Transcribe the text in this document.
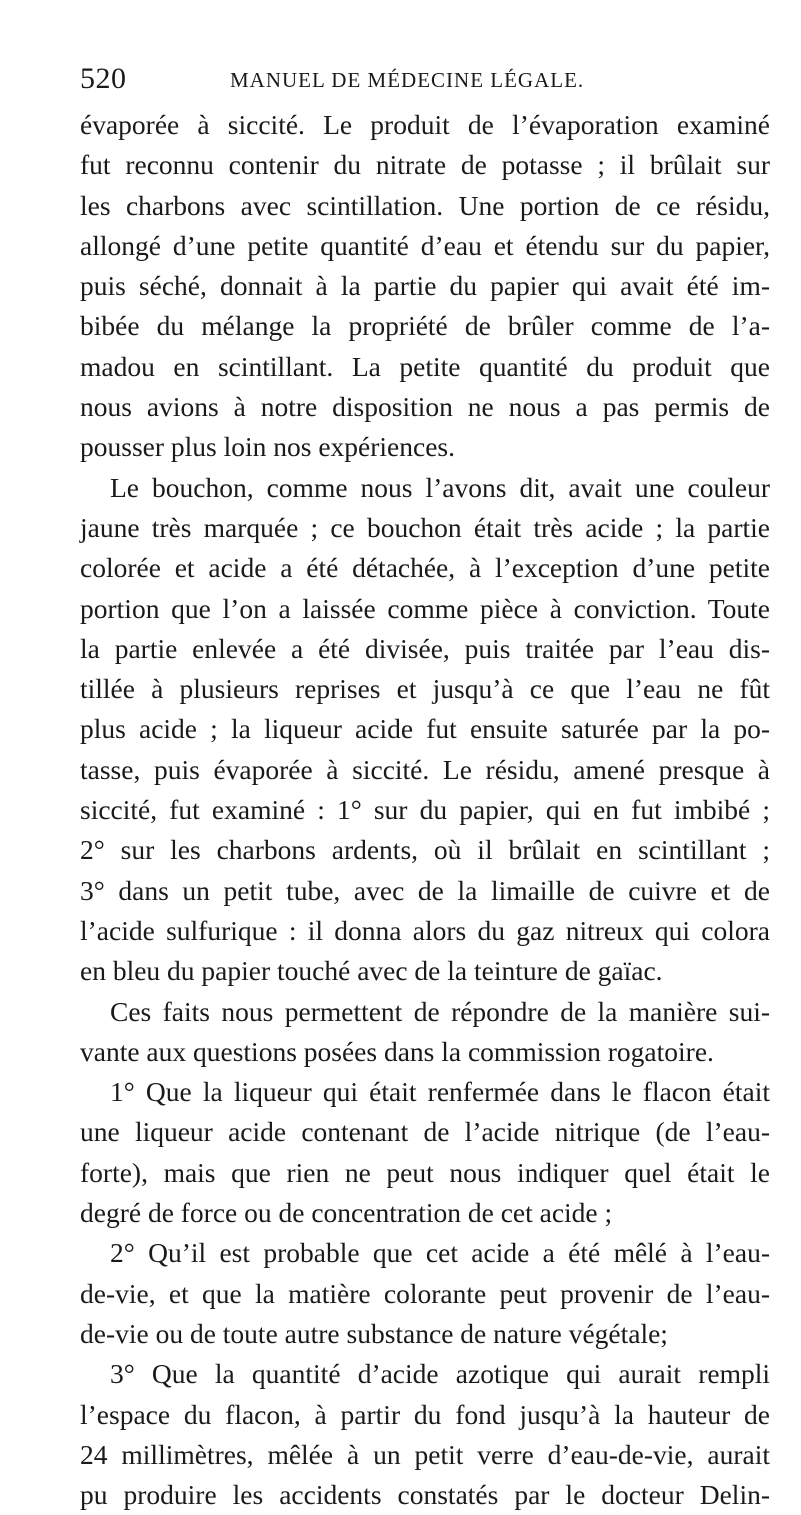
520	MANUEL DE MÉDECINE LÉGALE.
évaporée à siccité. Le produit de l’évaporation examiné
fut reconnu contenir du nitrate de potasse ; il brûlait sur
les charbons avec scintillation. Une portion de ce résidu,
allongé d’une petite quantité d’eau et étendu sur du papier,
puis séché, donnait à la partie du papier qui avait été im-
bibée du mélange la propriété de brûler comme de l’a-
madou en scintillant. La petite quantité du produit que
nous avions à notre disposition ne nous a pas permis de
pousser plus loin nos expériences.
Le bouchon, comme nous l’avons dit, avait une couleur
jaune très marquée ; ce bouchon était très acide ; la partie
colorée et acide a été détachée, à l’exception d’une petite
portion que l’on a laissée comme pièce à conviction. Toute
la partie enlevée a été divisée, puis traitée par l’eau dis-
tillée à plusieurs reprises et jusqu’à ce que l’eau ne fût
plus acide ; la liqueur acide fut ensuite saturée par la po-
tasse, puis évaporée à siccité. Le résidu, amené presque à
siccité, fut examiné : 1° sur du papier, qui en fut imbibé ;
2° sur les charbons ardents, où il brûlait en scintillant ;
3° dans un petit tube, avec de la limaille de cuivre et de
l’acide sulfurique : il donna alors du gaz nitreux qui colora
en bleu du papier touché avec de la teinture de gaïac.
Ces faits nous permettent de répondre de la manière sui-
vante aux questions posées dans la commission rogatoire.
1° Que la liqueur qui était renfermée dans le flacon était
une liqueur acide contenant de l’acide nitrique (de l’eau-
forte), mais que rien ne peut nous indiquer quel était le
degré de force ou de concentration de cet acide ;
2° Qu’il est probable que cet acide a été mêlé à l’eau-
de-vie, et que la matière colorante peut provenir de l’eau-
de-vie ou de toute autre substance de nature végétale;
3° Que la quantité d’acide azotique qui aurait rempli
l’espace du flacon, à partir du fond jusqu’à la hauteur de
24 millimètres, mêlée à un petit verre d’eau-de-vie, aurait
pu produire les accidents constatés par le docteur Delin-
